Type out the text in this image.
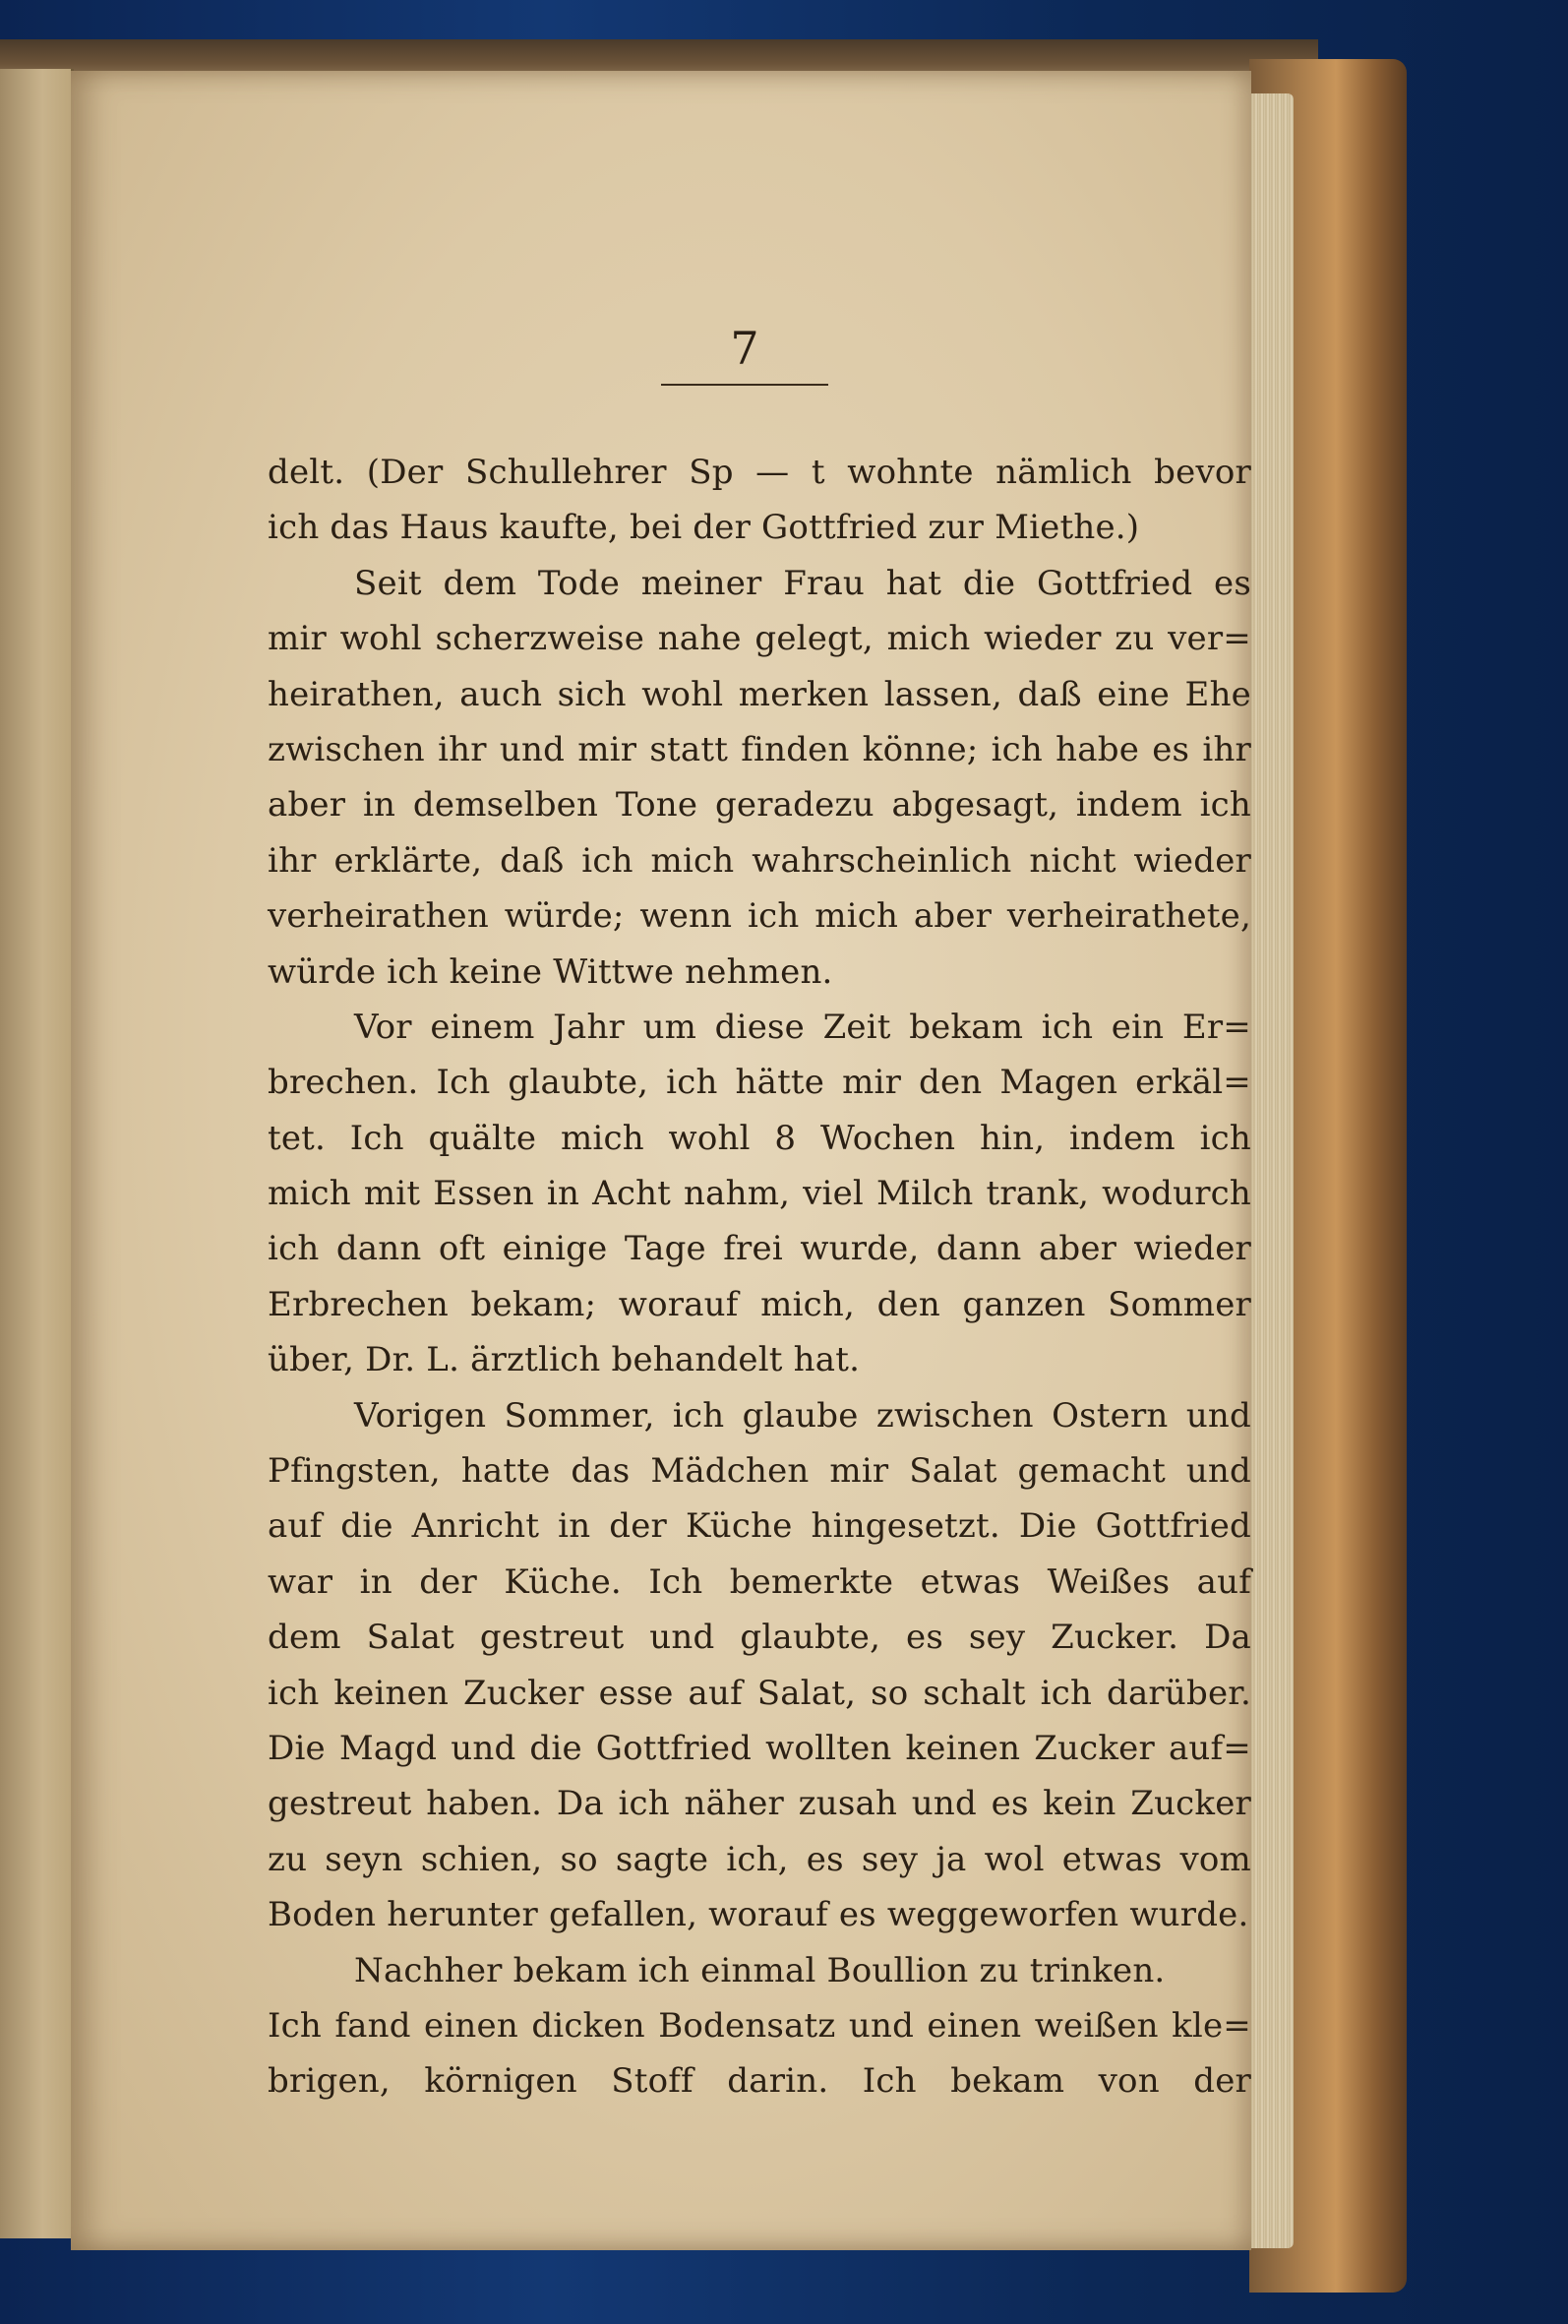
7
delt. (Der Schullehrer Sp — t wohnte nämlich bevor
ich das Haus kaufte, bei der Gottfried zur Miethe.)
Seit dem Tode meiner Frau hat die Gottfried es
mir wohl scherzweise nahe gelegt, mich wieder zu ver=
heirathen, auch sich wohl merken lassen, daß eine Ehe
zwischen ihr und mir statt finden könne; ich habe es ihr
aber in demselben Tone geradezu abgesagt, indem ich
ihr erklärte, daß ich mich wahrscheinlich nicht wieder
verheirathen würde; wenn ich mich aber verheirathete,
würde ich keine Wittwe nehmen.
Vor einem Jahr um diese Zeit bekam ich ein Er=
brechen. Ich glaubte, ich hätte mir den Magen erkäl=
tet. Ich quälte mich wohl 8 Wochen hin, indem ich
mich mit Essen in Acht nahm, viel Milch trank, wodurch
ich dann oft einige Tage frei wurde, dann aber wieder
Erbrechen bekam; worauf mich, den ganzen Sommer
über, Dr. L. ärztlich behandelt hat.
Vorigen Sommer, ich glaube zwischen Ostern und
Pfingsten, hatte das Mädchen mir Salat gemacht und
auf die Anricht in der Küche hingesetzt. Die Gottfried
war in der Küche. Ich bemerkte etwas Weißes auf
dem Salat gestreut und glaubte, es sey Zucker. Da
ich keinen Zucker esse auf Salat, so schalt ich darüber.
Die Magd und die Gottfried wollten keinen Zucker auf=
gestreut haben. Da ich näher zusah und es kein Zucker
zu seyn schien, so sagte ich, es sey ja wol etwas vom
Boden herunter gefallen, worauf es weggeworfen wurde.
Nachher bekam ich einmal Boullion zu trinken.
Ich fand einen dicken Bodensatz und einen weißen kle=
brigen, körnigen Stoff darin. Ich bekam von der
